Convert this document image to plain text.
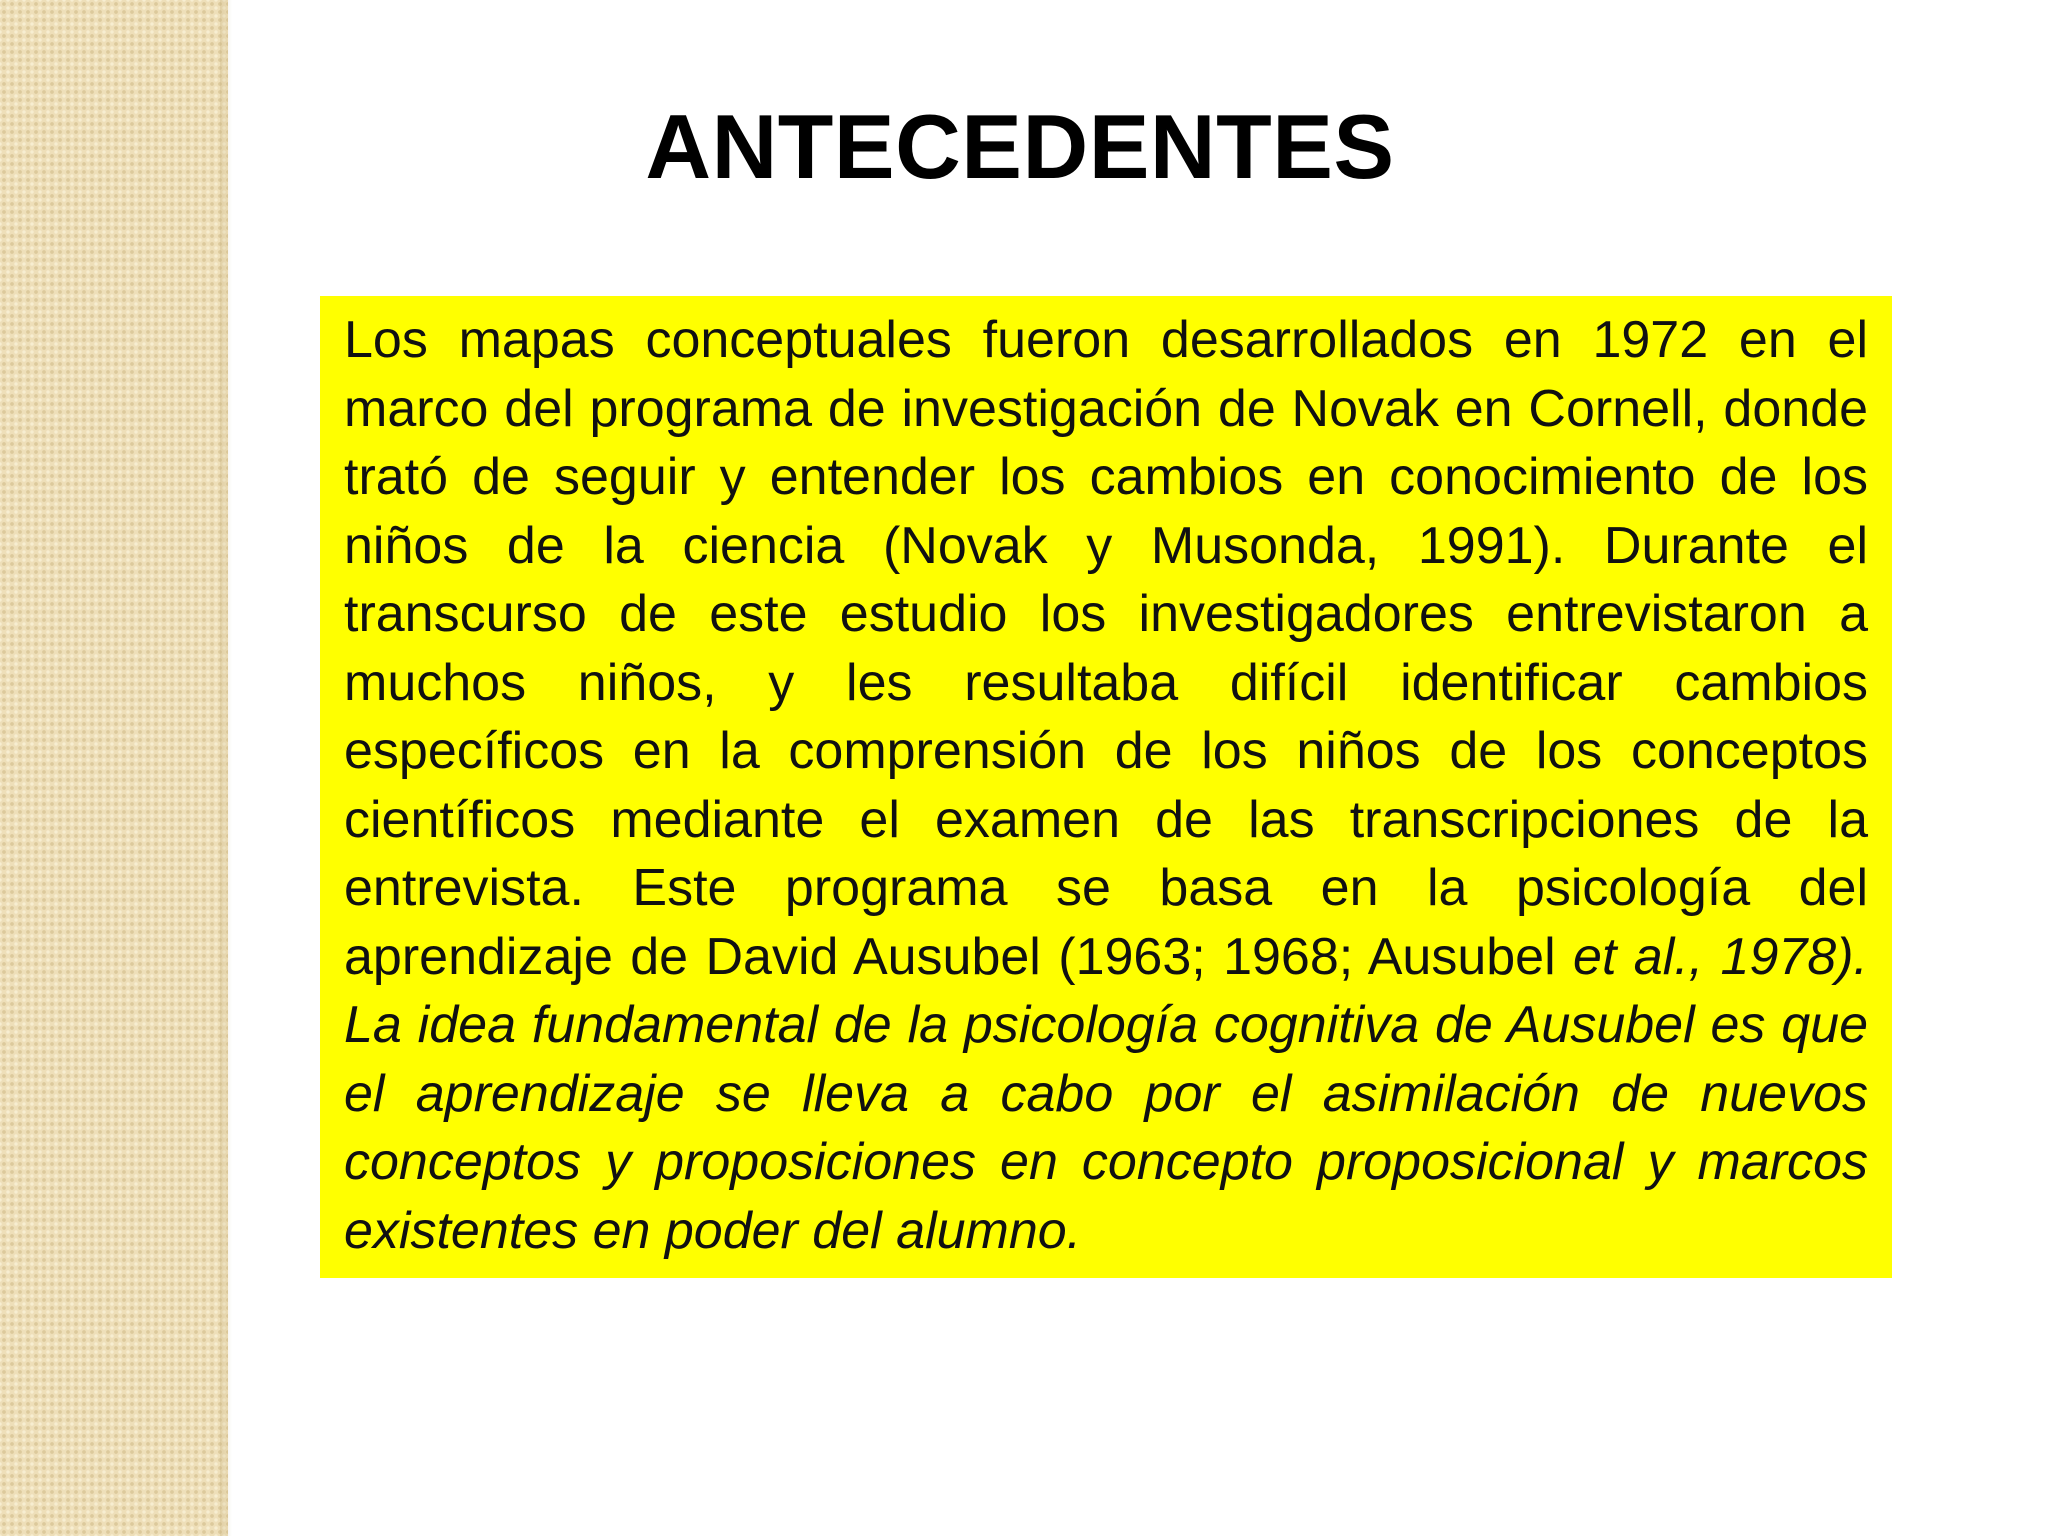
ANTECEDENTES
Los mapas conceptuales fueron desarrollados en 1972 en el marco del programa de investigación de Novak en Cornell, donde trató de seguir y entender los cambios en conocimiento de los niños de la ciencia (Novak y Musonda, 1991). Durante el transcurso de este estudio los investigadores entrevistaron a muchos niños, y les resultaba difícil identificar cambios específicos en la comprensión de los niños de los conceptos científicos mediante el examen de las transcripciones de la entrevista. Este programa se basa en la psicología del aprendizaje de David Ausubel (1963; 1968; Ausubel et al., 1978). La idea fundamental de la psicología cognitiva de Ausubel es que el aprendizaje se lleva a cabo por el asimilación de nuevos conceptos y proposiciones en concepto proposicional y marcos existentes en poder del alumno.
